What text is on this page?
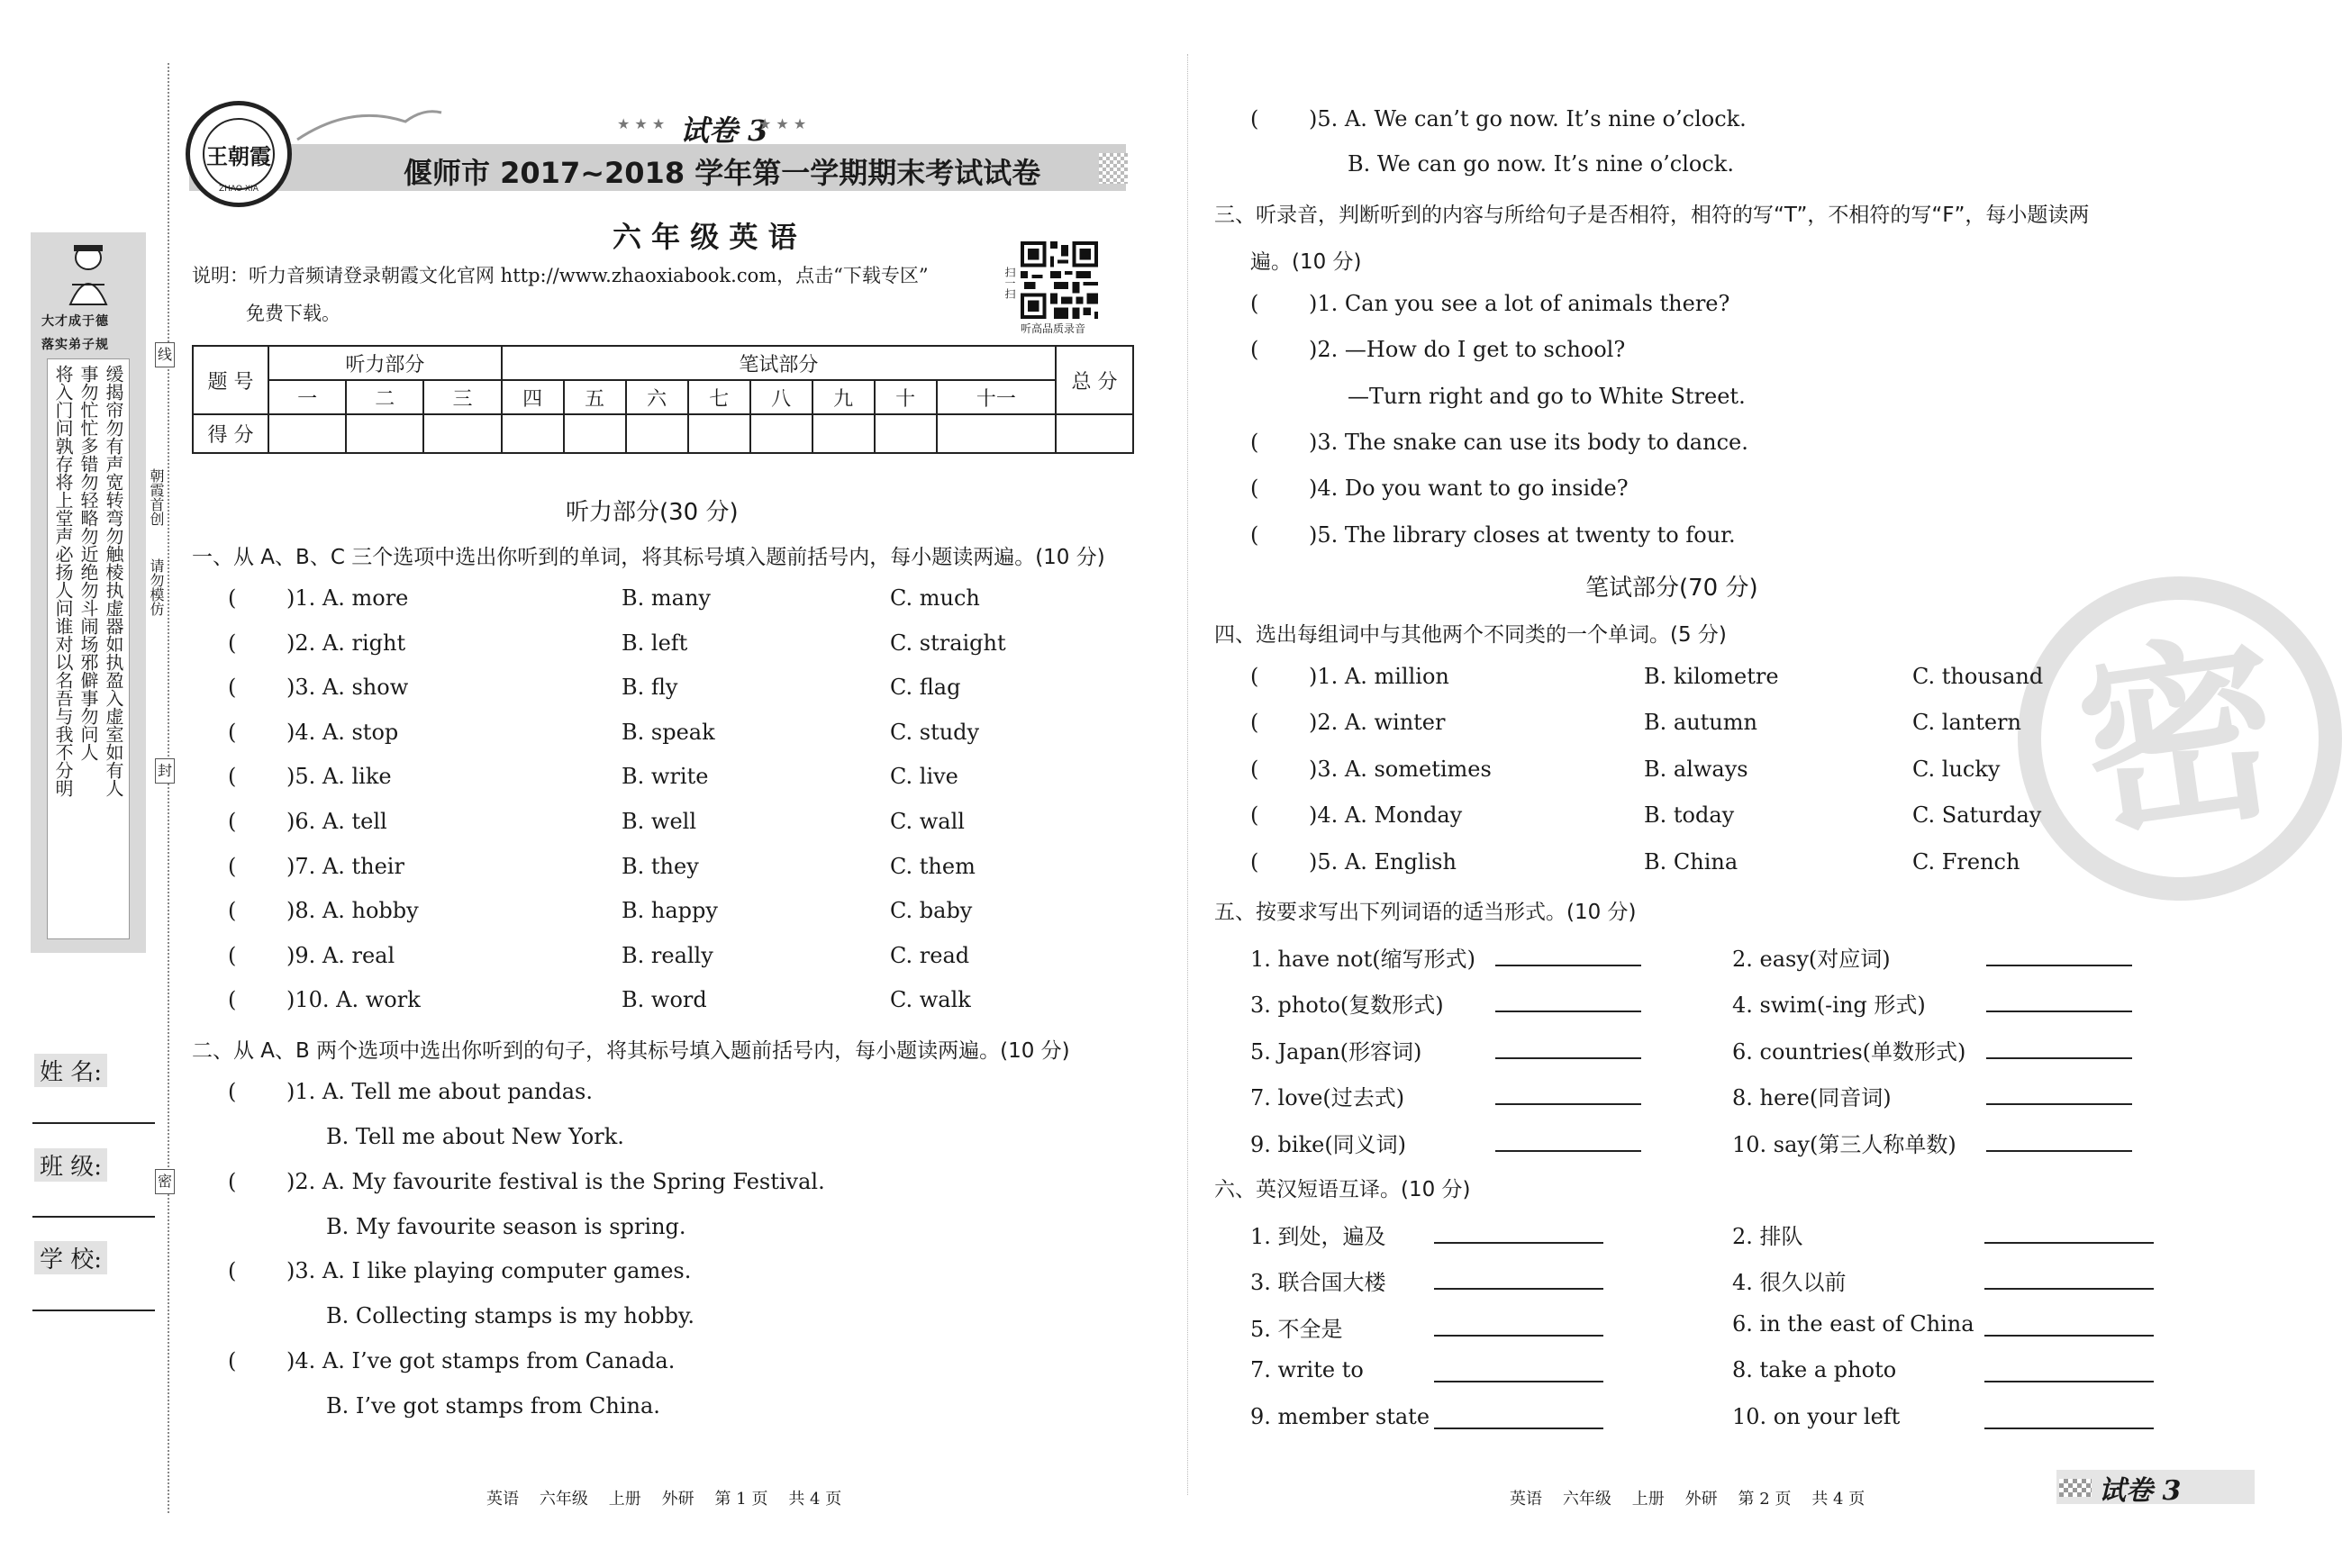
大才成于德
落实弟子规
缓揭帘勿有声宽转弯勿触棱执虚器如执盈入虚室如有人
事勿忙忙多错勿轻略勿近绝勿斗闹场邪僻事勿问人
将入门问孰存将上堂声必扬人问谁对以名吾与我不分明
线
封
密
朝霞首创
请勿模仿
姓 名:
班 级:
学 校:
王朝霞
ZHAO XIA
★ ★ ★ 试卷 3
★ ★ ★
偃师市 2017~2018 学年第一学期期末考试试卷
六 年 级 英 语
说明：听力音频请登录朝霞文化官网 http://www.zhaoxiabook.com，点击“下载专区”
免费下载。
扫一扫
听高品质录音
题 号	听力部分			笔试部分								总 分
	一	二	三	四	五	六	七	八	九	十	十一	
得 分												
听力部分(30 分)
一、从 A、B、C 三个选项中选出你听到的单词，将其标号填入题前括号内，每小题读两遍。(10 分)
二、从 A、B 两个选项中选出你听到的句子，将其标号填入题前括号内，每小题读两遍。(10 分)
( )1. A. Tell me about pandas.
B. Tell me about New York.
( )2. A. My favourite festival is the Spring Festival.
B. My favourite season is spring.
( )3. A. I like playing computer games.
B. Collecting stamps is my hobby.
( )4. A. I’ve got stamps from Canada.
B. I’ve got stamps from China.
英语    六年级    上册    外研    第 1 页    共 4 页
( )5. A. We can’t go now. It’s nine o’clock.
B. We can go now. It’s nine o’clock.
三、听录音，判断听到的内容与所给句子是否相符，相符的写“T”，不相符的写“F”，每小题读两
遍。(10 分)
( )1. Can you see a lot of animals there?
( )2. —How do I get to school?
—Turn right and go to White Street.
( )3. The snake can use its body to dance.
( )4. Do you want to go inside?
( )5. The library closes at twenty to four.
密
笔试部分(70 分)
四、选出每组词中与其他两个不同类的一个单词。(5 分)
五、按要求写出下列词语的适当形式。(10 分)
六、英汉短语互译。(10 分)
英语    六年级    上册    外研    第 2 页    共 4 页	试卷 3
( )1. A. more	B. many	C. much
( )2. A. right	B. left	C. straight
( )3. A. show	B. fly	C. flag
( )4. A. stop	B. speak	C. study
( )5. A. like	B. write	C. live
( )6. A. tell	B. well	C. wall
( )7. A. their	B. they	C. them
( )8. A. hobby	B. happy	C. baby
( )9. A. real	B. really	C. read
( )10. A. work	B. word	C. walk
( )1. A. million	B. kilometre	C. thousand
( )2. A. winter	B. autumn	C. lantern
( )3. A. sometimes	B. always	C. lucky
( )4. A. Monday	B. today	C. Saturday
( )5. A. English	B. China	C. French
1. have not(缩写形式)	2. easy(对应词)
3. photo(复数形式)	4. swim(-ing 形式)
5. Japan(形容词)	6. countries(单数形式)
7. love(过去式)	8. here(同音词)
9. bike(同义词)	10. say(第三人称单数)
1. 到处，遍及	2. 排队
3. 联合国大楼	4. 很久以前
5. 不全是	6. in the east of China
7. write to	8. take a photo
9. member state	10. on your left
